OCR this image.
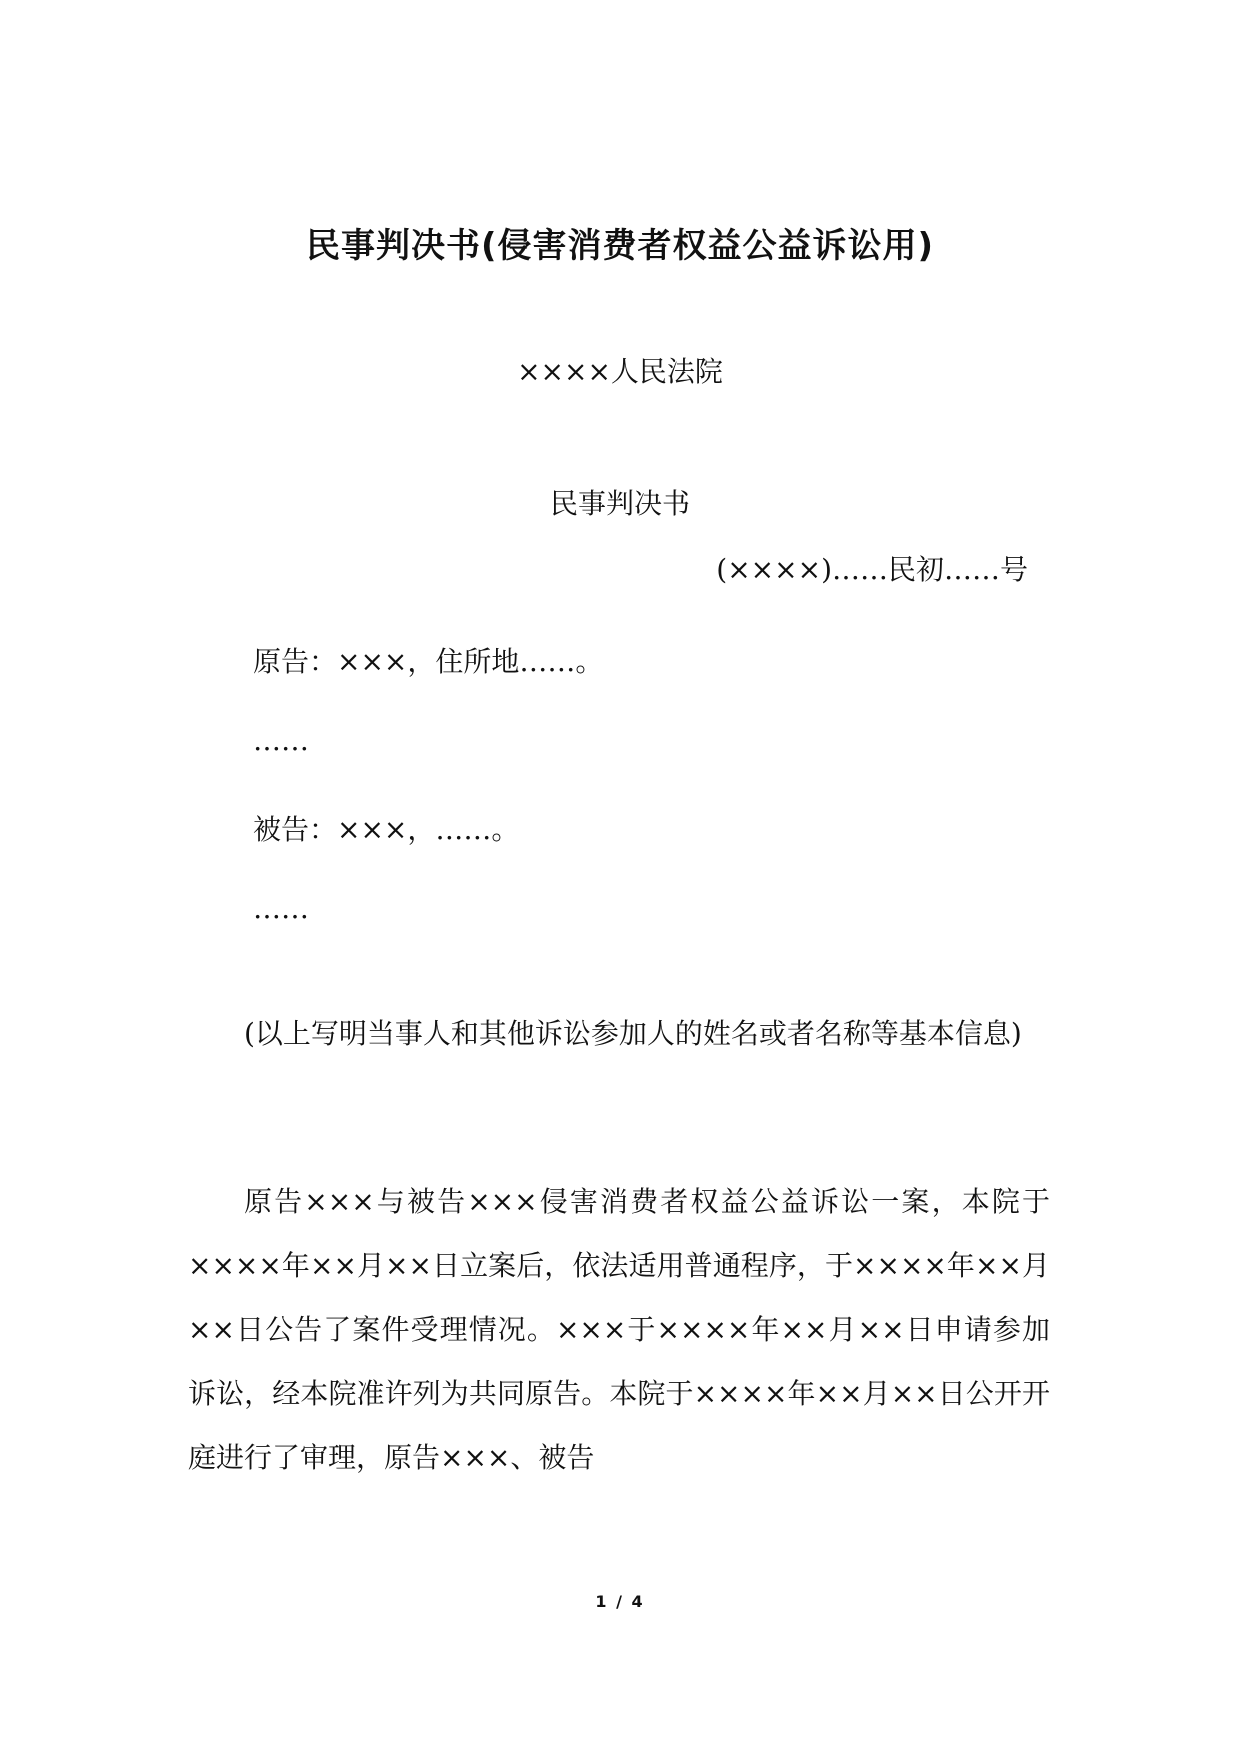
民事判决书(侵害消费者权益公益诉讼用)
××××人民法院
民事判决书
(××××)……民初……号
原告：×××，住所地……。
……
被告：×××，……。
……
(以上写明当事人和其他诉讼参加人的姓名或者名称等基本信息)
原告×××与被告×××侵害消费者权益公益诉讼一案，本院于××××年××月××日立案后，依法适用普通程序，于××××年××月××日公告了案件受理情况。×××于××××年××月××日申请参加诉讼，经本院准许列为共同原告。本院于××××年××月××日公开开庭进行了审理，原告×××、被告
1 / 4
